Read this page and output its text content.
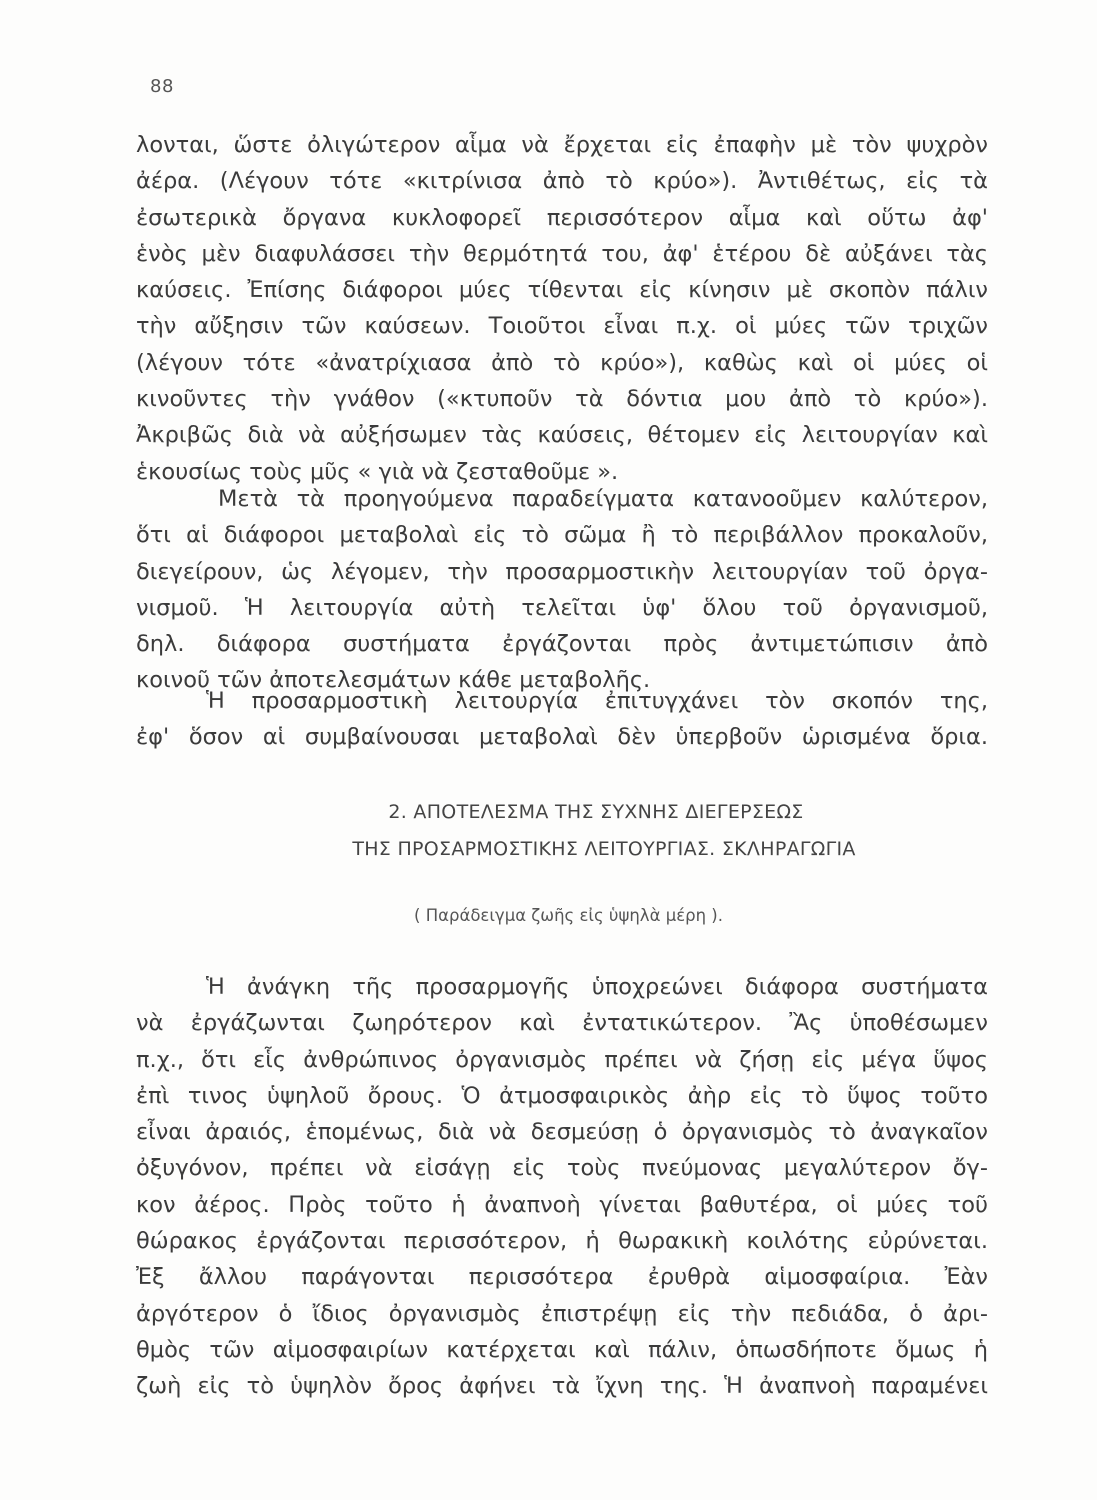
88
λονται, ὥστε ὀλιγώτερον αἷμα νὰ ἔρχεται εἰς ἐπαφὴν μὲ τὸν ψυχρὸν
ἀέρα. (Λέγουν τότε «κιτρίνισα ἀπὸ τὸ κρύο»). Ἀντιθέτως, εἰς τὰ
ἐσωτερικὰ ὄργανα κυκλοφορεῖ περισσότερον αἷμα καὶ οὕτω ἀφ'
ἑνὸς μὲν διαφυλάσσει τὴν θερμότητά του, ἀφ' ἑτέρου δὲ αὐξάνει τὰς
καύσεις. Ἐπίσης διάφοροι μύες τίθενται εἰς κίνησιν μὲ σκοπὸν πάλιν
τὴν αὔξησιν τῶν καύσεων. Τοιοῦτοι εἶναι π.χ. οἱ μύες τῶν τριχῶν
(λέγουν τότε «ἀνατρίχιασα ἀπὸ τὸ κρύο»), καθὼς καὶ οἱ μύες οἱ
κινοῦντες τὴν γνάθον («κτυποῦν τὰ δόντια μου ἀπὸ τὸ κρύο»).
Ἀκριβῶς διὰ νὰ αὐξήσωμεν τὰς καύσεις, θέτομεν εἰς λειτουργίαν καὶ
ἑκουσίως τοὺς μῦς « γιὰ νὰ ζεσταθοῦμε ».
Μετὰ τὰ προηγούμενα παραδείγματα κατανοοῦμεν καλύτερον,
ὅτι αἱ διάφοροι μεταβολαὶ εἰς τὸ σῶμα ἢ τὸ περιβάλλον προκαλοῦν,
διεγείρουν, ὡς λέγομεν, τὴν προσαρμοστικὴν λειτουργίαν τοῦ ὀργα-
νισμοῦ. Ἡ λειτουργία αὐτὴ τελεῖται ὑφ' ὅλου τοῦ ὀργανισμοῦ,
δηλ. διάφορα συστήματα ἐργάζονται πρὸς ἀντιμετώπισιν ἀπὸ
κοινοῦ τῶν ἀποτελεσμάτων κάθε μεταβολῆς.
Ἡ προσαρμοστικὴ λειτουργία ἐπιτυγχάνει τὸν σκοπόν της,
ἐφ' ὅσον αἱ συμβαίνουσαι μεταβολαὶ δὲν ὑπερβοῦν ὡρισμένα ὅρια.
2. ΑΠΟΤΕΛΕΣΜΑ ΤΗΣ ΣΥΧΝΗΣ ΔΙΕΓΕΡΣΕΩΣ
ΤΗΣ ΠΡΟΣΑΡΜΟΣΤΙΚΗΣ ΛΕΙΤΟΥΡΓΙΑΣ. ΣΚΛΗΡΑΓΩΓΙΑ
( Παράδειγμα ζωῆς εἰς ὑψηλὰ μέρη ).
Ἡ ἀνάγκη τῆς προσαρμογῆς ὑποχρεώνει διάφορα συστήματα
νὰ ἐργάζωνται ζωηρότερον καὶ ἐντατικώτερον. Ἂς ὑποθέσωμεν
π.χ., ὅτι εἷς ἀνθρώπινος ὀργανισμὸς πρέπει νὰ ζήσῃ εἰς μέγα ὕψος
ἐπὶ τινος ὑψηλοῦ ὄρους. Ὁ ἀτμοσφαιρικὸς ἀὴρ εἰς τὸ ὕψος τοῦτο
εἶναι ἀραιός, ἑπομένως, διὰ νὰ δεσμεύσῃ ὁ ὀργανισμὸς τὸ ἀναγκαῖον
ὀξυγόνον, πρέπει νὰ εἰσάγῃ εἰς τοὺς πνεύμονας μεγαλύτερον ὄγ-
κον ἀέρος. Πρὸς τοῦτο ἡ ἀναπνοὴ γίνεται βαθυτέρα, οἱ μύες τοῦ
θώρακος ἐργάζονται περισσότερον, ἡ θωρακικὴ κοιλότης εὐρύνεται.
Ἐξ ἄλλου παράγονται περισσότερα ἐρυθρὰ αἱμοσφαίρια. Ἐὰν
ἀργότερον ὁ ἴδιος ὀργανισμὸς ἐπιστρέψῃ εἰς τὴν πεδιάδα, ὁ ἀρι-
θμὸς τῶν αἱμοσφαιρίων κατέρχεται καὶ πάλιν, ὁπωσδήποτε ὅμως ἡ
ζωὴ εἰς τὸ ὑψηλὸν ὄρος ἀφήνει τὰ ἴχνη της. Ἡ ἀναπνοὴ παραμένει
